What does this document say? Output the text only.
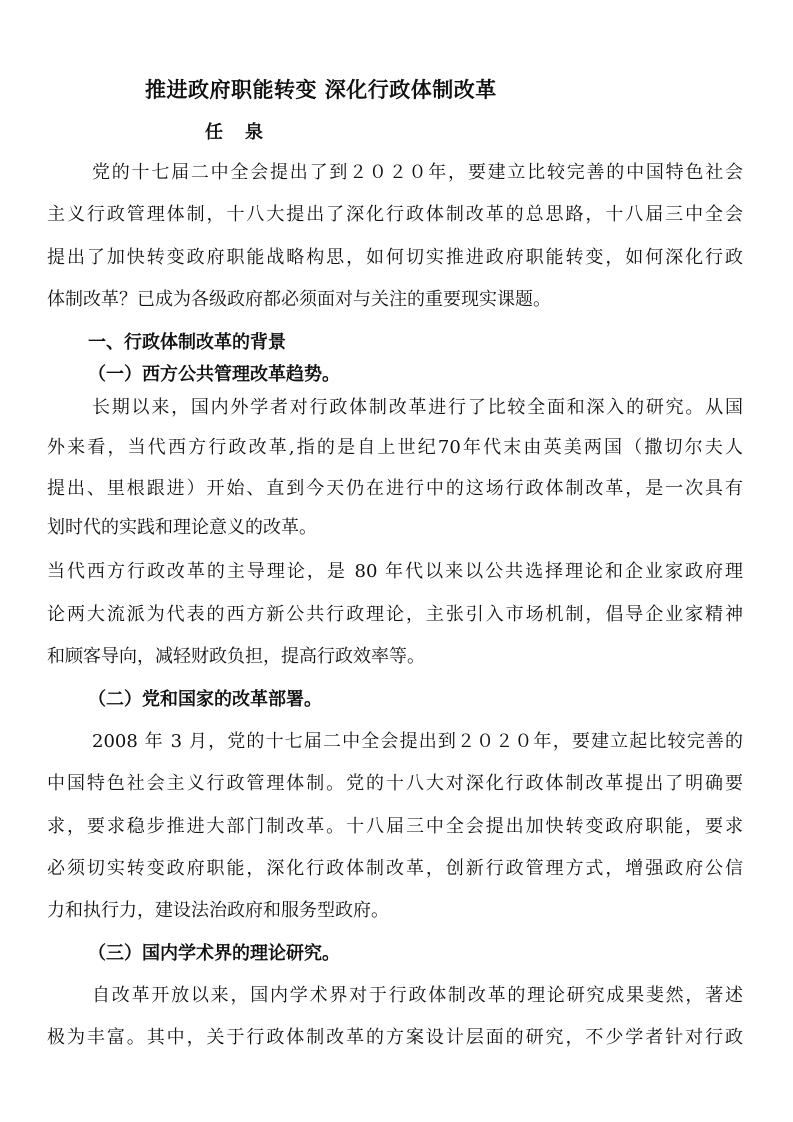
推进政府职能转变 深化行政体制改革
任泉
党的十七届二中全会提出了到２０２０年，要建立比较完善的中国特色社会
主义行政管理体制，十八大提出了深化行政体制改革的总思路，十八届三中全会
提出了加快转变政府职能战略构思，如何切实推进政府职能转变，如何深化行政
体制改革？已成为各级政府都必须面对与关注的重要现实课题。
一、行政体制改革的背景
（一）西方公共管理改革趋势。
长期以来，国内外学者对行政体制改革进行了比较全面和深入的研究。从国
外来看，当代西方行政改革,指的是自上世纪70年代末由英美两国（撒切尔夫人
提出、里根跟进）开始、直到今天仍在进行中的这场行政体制改革，是一次具有
划时代的实践和理论意义的改革。
当代西方行政改革的主导理论，是 80 年代以来以公共选择理论和企业家政府理
论两大流派为代表的西方新公共行政理论，主张引入市场机制，倡导企业家精神
和顾客导向，减轻财政负担，提高行政效率等。
（二）党和国家的改革部署。
2008 年 3 月，党的十七届二中全会提出到２０２０年，要建立起比较完善的
中国特色社会主义行政管理体制。党的十八大对深化行政体制改革提出了明确要
求，要求稳步推进大部门制改革。十八届三中全会提出加快转变政府职能，要求
必须切实转变政府职能，深化行政体制改革，创新行政管理方式，增强政府公信
力和执行力，建设法治政府和服务型政府。
（三）国内学术界的理论研究。
自改革开放以来，国内学术界对于行政体制改革的理论研究成果斐然，著述
极为丰富。其中，关于行政体制改革的方案设计层面的研究，不少学者针对行政
